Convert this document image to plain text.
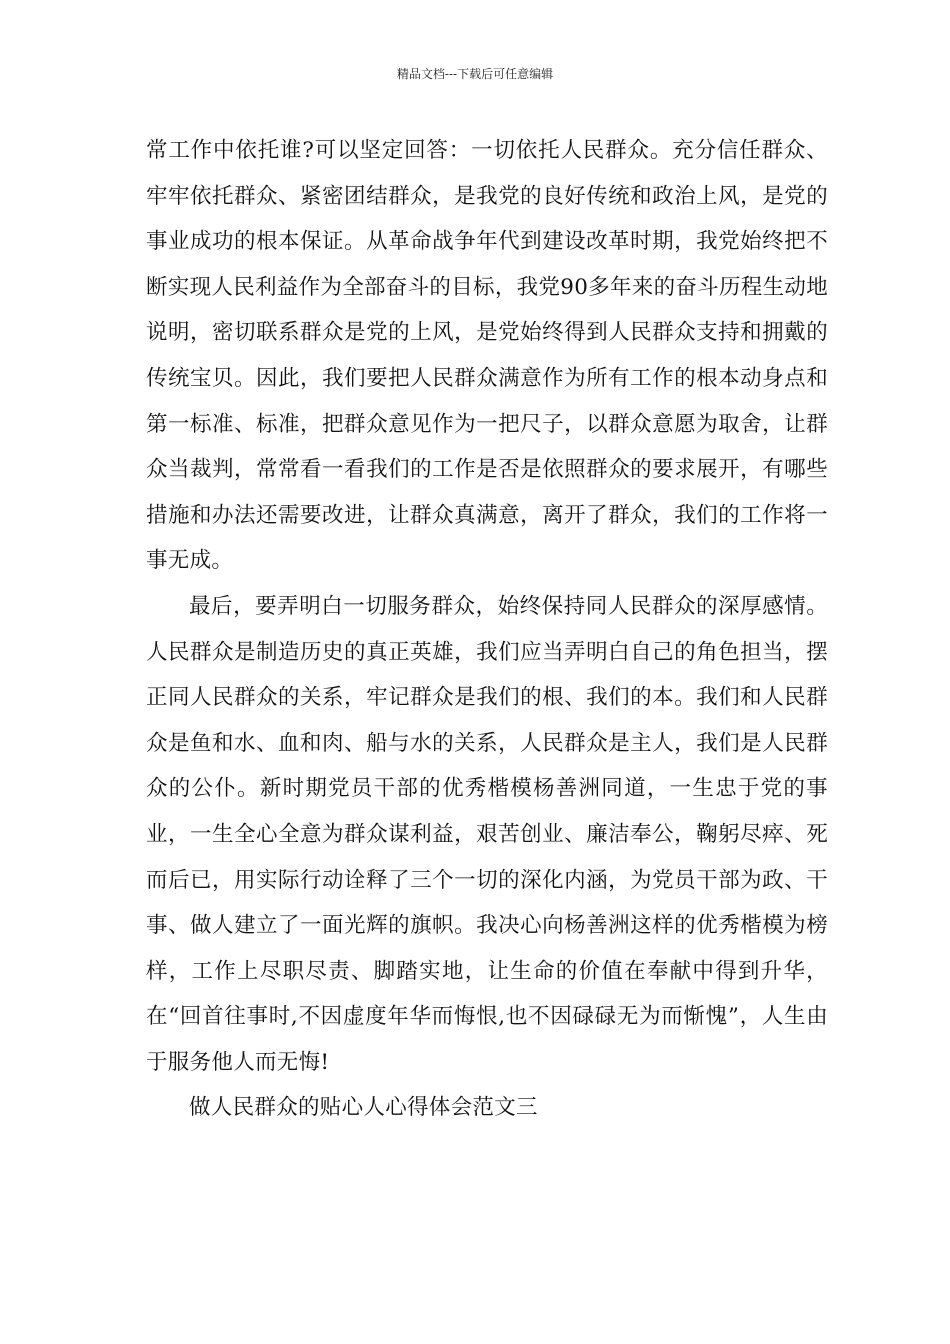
精品文档---下载后可任意编辑

常工作中依托谁?可以坚定回答：一切依托人民群众。充分信任群众、牢牢依托群众、紧密团结群众，是我党的良好传统和政治上风，是党的事业成功的根本保证。从革命战争年代到建设改革时期，我党始终把不断实现人民利益作为全部奋斗的目标，我党90多年来的奋斗历程生动地说明，密切联系群众是党的上风，是党始终得到人民群众支持和拥戴的传统宝贝。因此，我们要把人民群众满意作为所有工作的根本动身点和第一标准、标准，把群众意见作为一把尺子，以群众意愿为取舍，让群众当裁判，常常看一看我们的工作是否是依照群众的要求展开，有哪些措施和办法还需要改进，让群众真满意，离开了群众，我们的工作将一事无成。

最后，要弄明白一切服务群众，始终保持同人民群众的深厚感情。人民群众是制造历史的真正英雄，我们应当弄明白自己的角色担当，摆正同人民群众的关系，牢记群众是我们的根、我们的本。我们和人民群众是鱼和水、血和肉、船与水的关系，人民群众是主人，我们是人民群众的公仆。新时期党员干部的优秀楷模杨善洲同道，一生忠于党的事业，一生全心全意为群众谋利益，艰苦创业、廉洁奉公，鞠躬尽瘁、死而后已，用实际行动诠释了三个一切的深化内涵，为党员干部为政、干事、做人建立了一面光辉的旗帜。我决心向杨善洲这样的优秀楷模为榜样，工作上尽职尽责、脚踏实地，让生命的价值在奉献中得到升华，在“回首往事时,不因虚度年华而悔恨,也不因碌碌无为而惭愧”，人生由于服务他人而无悔!

做人民群众的贴心人心得体会范文三
